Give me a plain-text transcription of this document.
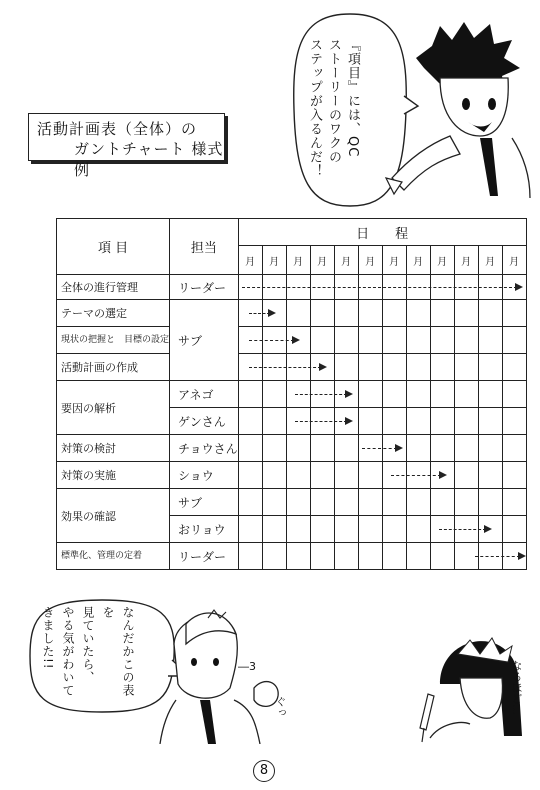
活動計画表（全体）の
ガントチャート 様式例
『項目』には、QC
ストーリーのワクの
ステップが入るんだ！
項 目	担当	日　　程											
		月	月	月	月	月	月	月	月	月	月	月	月
全体の進行管理	リーダー												
テーマの選定	サブ												
現状の把握と　目標の設定													
活動計画の作成													
要因の解析	アネゴ												
	ゲンさん												
対策の検討	チョウさん												
対策の実施	ショウ												
効果の確認	サブ												
	おリョウ												
標準化、管理の定着	リーダー												
なんだかこの表を
見ていたら、
やる気がわいて
きました!!	―3
ぐっ	なるほど…
8
